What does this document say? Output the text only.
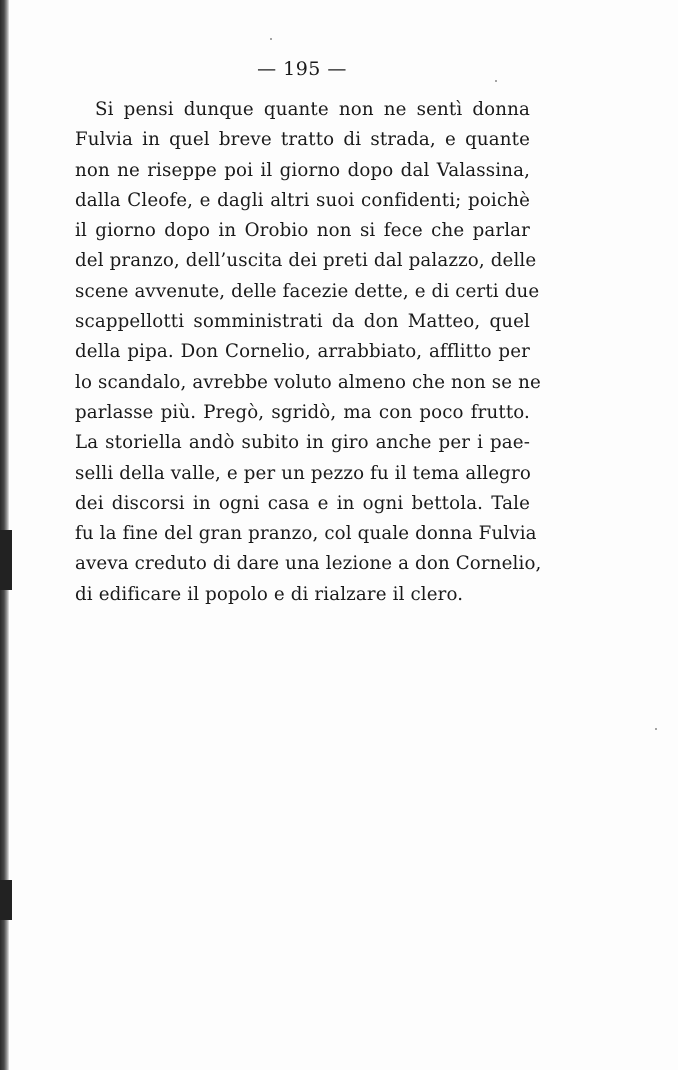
— 195 —
Si pensi dunque quante non ne sentì donna
Fulvia in quel breve tratto di strada, e quante
non ne riseppe poi il giorno dopo dal Valassina,
dalla Cleofe, e dagli altri suoi confidenti; poichè
il giorno dopo in Orobio non si fece che parlar
del pranzo, dell’uscita dei preti dal palazzo, delle
scene avvenute, delle facezie dette, e di certi due
scappellotti somministrati da don Matteo, quel
della pipa. Don Cornelio, arrabbiato, afflitto per
lo scandalo, avrebbe voluto almeno che non se ne
parlasse più. Pregò, sgridò, ma con poco frutto.
La storiella andò subito in giro anche per i pae-
selli della valle, e per un pezzo fu il tema allegro
dei discorsi in ogni casa e in ogni bettola. Tale
fu la fine del gran pranzo, col quale donna Fulvia
aveva creduto di dare una lezione a don Cornelio,
di edificare il popolo e di rialzare il clero.
